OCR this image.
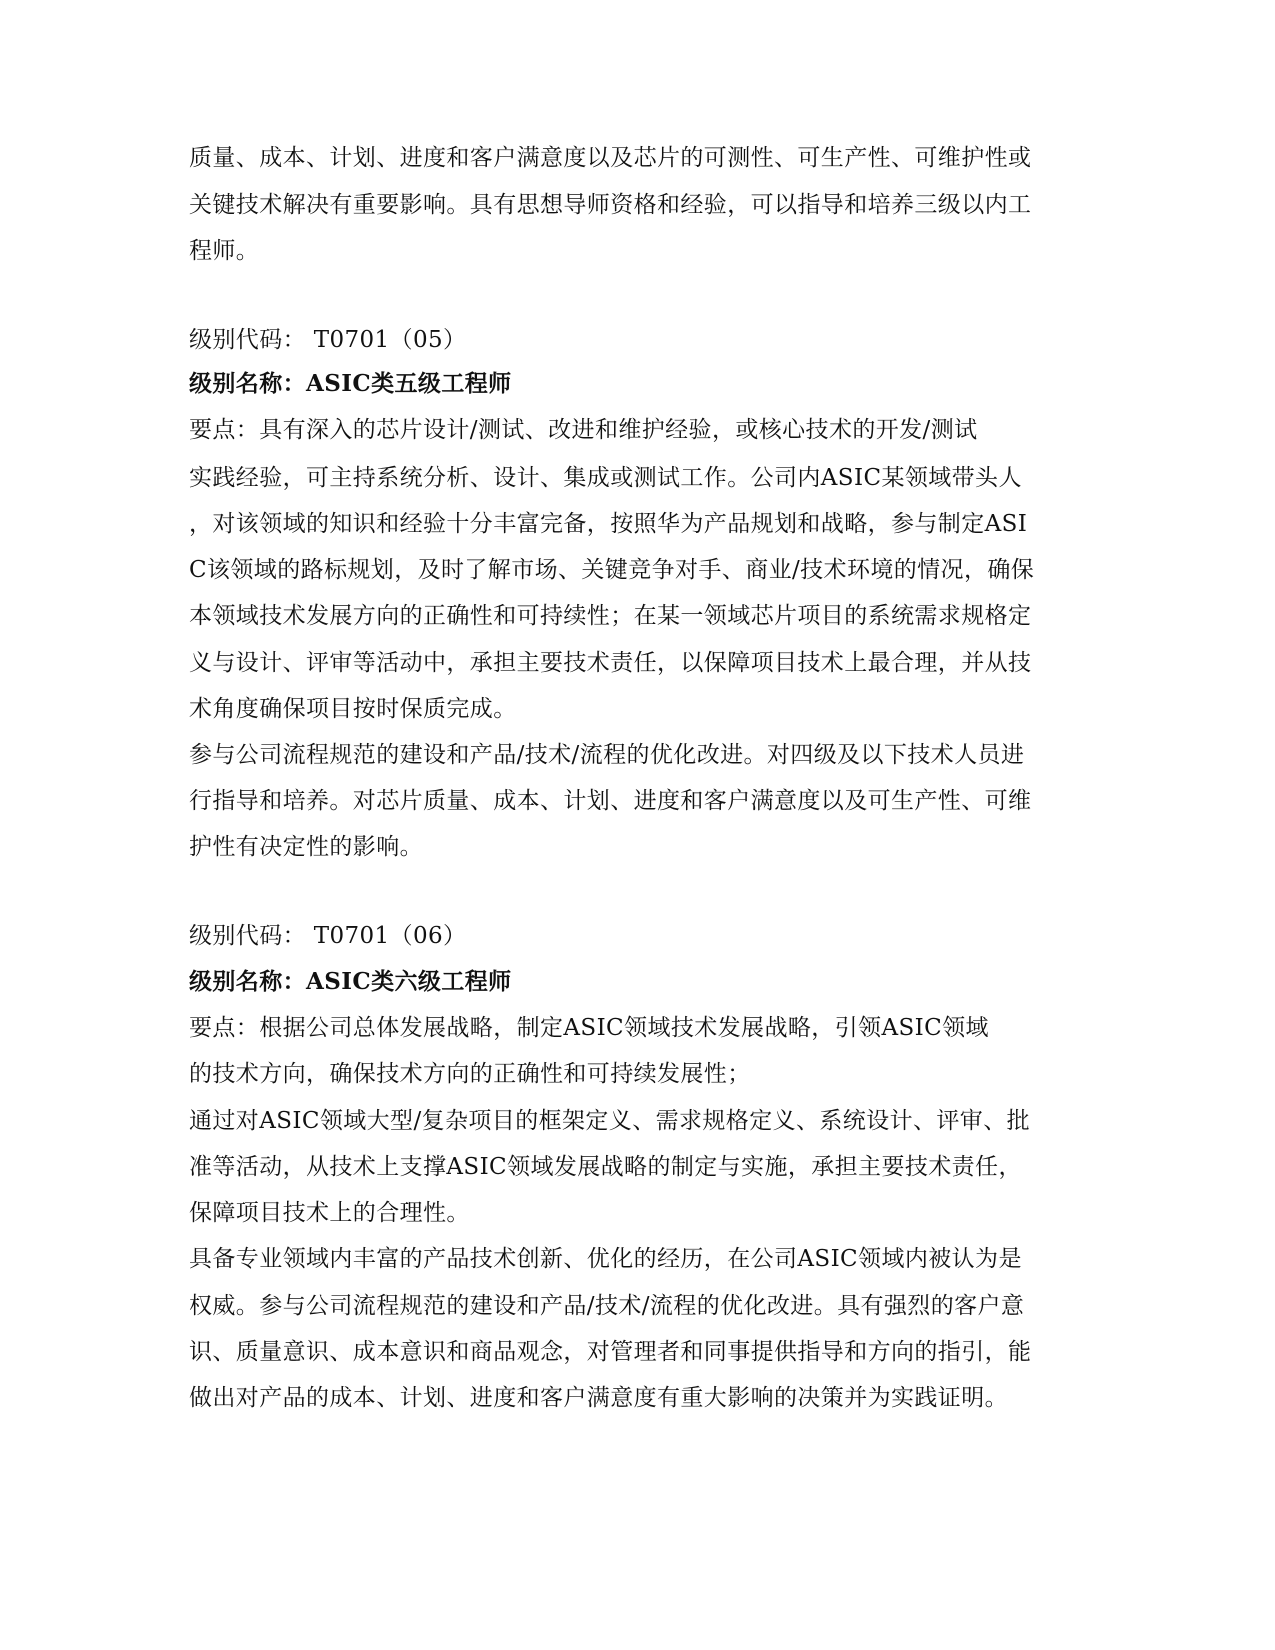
质量、成本、计划、进度和客户满意度以及芯片的可测性、可生产性、可维护性或
关键技术解决有重要影响。具有思想导师资格和经验，可以指导和培养三级以内工
程师。
级别代码： T0701（05）
级别名称：ASIC类五级工程师
要点：具有深入的芯片设计/测试、改进和维护经验，或核心技术的开发/测试
实践经验，可主持系统分析、设计、集成或测试工作。公司内ASIC某领域带头人
，对该领域的知识和经验十分丰富完备，按照华为产品规划和战略，参与制定ASI
C该领域的路标规划，及时了解市场、关键竞争对手、商业/技术环境的情况，确保
本领域技术发展方向的正确性和可持续性；在某一领域芯片项目的系统需求规格定
义与设计、评审等活动中，承担主要技术责任，以保障项目技术上最合理，并从技
术角度确保项目按时保质完成。
参与公司流程规范的建设和产品/技术/流程的优化改进。对四级及以下技术人员进
行指导和培养。对芯片质量、成本、计划、进度和客户满意度以及可生产性、可维
护性有决定性的影响。
级别代码： T0701（06）
级别名称：ASIC类六级工程师
要点：根据公司总体发展战略，制定ASIC领域技术发展战略，引领ASIC领域
的技术方向，确保技术方向的正确性和可持续发展性；
通过对ASIC领域大型/复杂项目的框架定义、需求规格定义、系统设计、评审、批
准等活动，从技术上支撑ASIC领域发展战略的制定与实施，承担主要技术责任，
保障项目技术上的合理性。
具备专业领域内丰富的产品技术创新、优化的经历，在公司ASIC领域内被认为是
权威。参与公司流程规范的建设和产品/技术/流程的优化改进。具有强烈的客户意
识、质量意识、成本意识和商品观念，对管理者和同事提供指导和方向的指引，能
做出对产品的成本、计划、进度和客户满意度有重大影响的决策并为实践证明。
